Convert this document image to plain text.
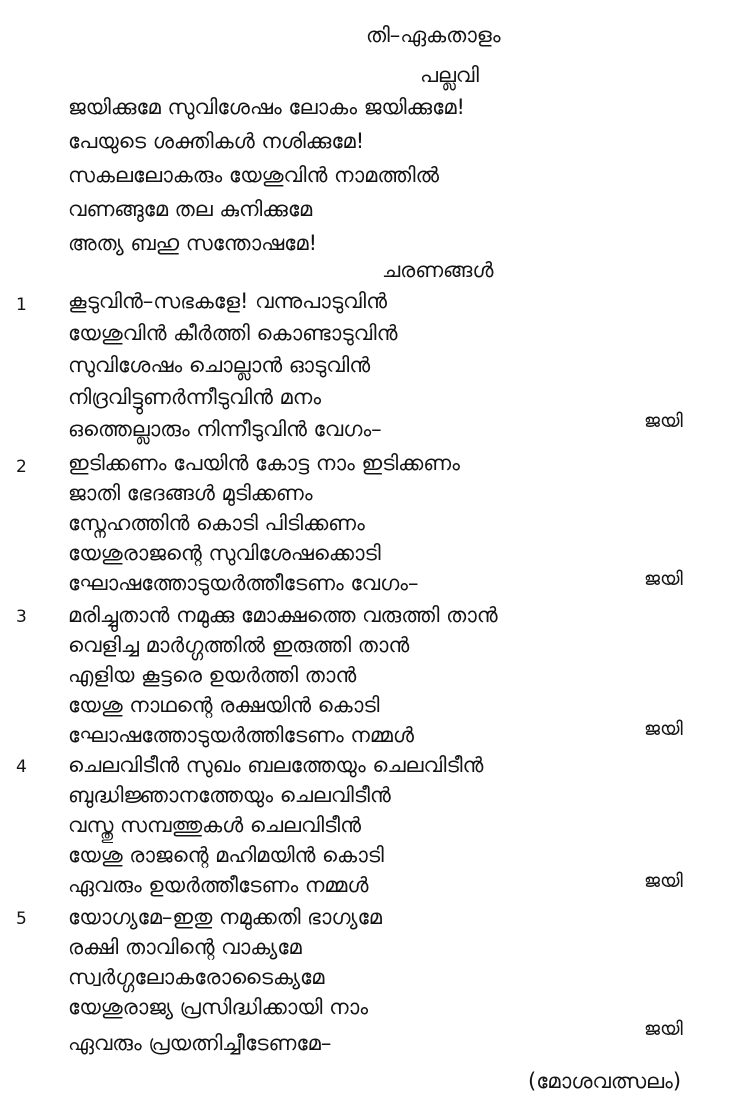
തി–ഏകതാളം
പല്ലവി
ജയിക്കുമേ സുവിശേഷം ലോകം ജയിക്കുമേ!
പേയുടെ ശക്തികൾ നശിക്കുമേ!
സകലലോകരും യേശുവിൻ നാമത്തിൽ
വണങ്ങുമേ തല കുനിക്കുമേ
അത്യ ബഹു സന്തോഷമേ!
ചരണങ്ങൾ
1 കൂടുവിൻ–സഭകളേ! വന്നുപാടുവിൻ
യേശുവിൻ കീർത്തി കൊണ്ടാടുവിൻ
സുവിശേഷം ചൊല്ലാൻ ഓടുവിൻ
നിദ്രവിട്ടുണർന്നീടുവിൻ മനം
ഒത്തെല്ലാരും നിന്നീടുവിൻ വേഗം–	ജയി
2 ഇടിക്കണം പേയിൻ കോട്ട നാം ഇടിക്കണം
ജാതി ഭേദങ്ങൾ മുടിക്കണം
സ്നേഹത്തിൻ കൊടി പിടിക്കണം
യേശുരാജന്റെ സുവിശേഷക്കൊടി
ഘോഷത്തോടുയർത്തീടേണം വേഗം–	ജയി
3 മരിച്ചുതാൻ നമുക്കു മോക്ഷത്തെ വരുത്തി താൻ
വെളിച്ച മാർഗ്ഗത്തിൽ ഇരുത്തി താൻ
എളിയ കൂട്ടരെ ഉയർത്തി താൻ
യേശു നാഥന്റെ രക്ഷയിൻ കൊടി
ഘോഷത്തോടുയർത്തിടേണം നമ്മൾ	ജയി
4 ചെലവിടീൻ സുഖം ബലത്തേയും ചെലവിടീൻ
ബുദ്ധിജ്ഞാനത്തേയും ചെലവിടീൻ
വസ്തു സമ്പത്തുകൾ ചെലവിടീൻ
യേശു രാജന്റെ മഹിമയിൻ കൊടി
ഏവരും ഉയർത്തീടേണം നമ്മൾ	ജയി
5 യോഗ്യമേ–ഇതു നമുക്കതി ഭാഗ്യമേ
രക്ഷി താവിന്റെ വാക്യമേ
സ്വർഗ്ഗലോകരോടൈക്യമേ
യേശുരാജ്യ പ്രസിദ്ധിക്കായി നാം
ഏവരും പ്രയത്നിച്ചീടേണമേ–
ജയി
(മോശവത്സലം)
